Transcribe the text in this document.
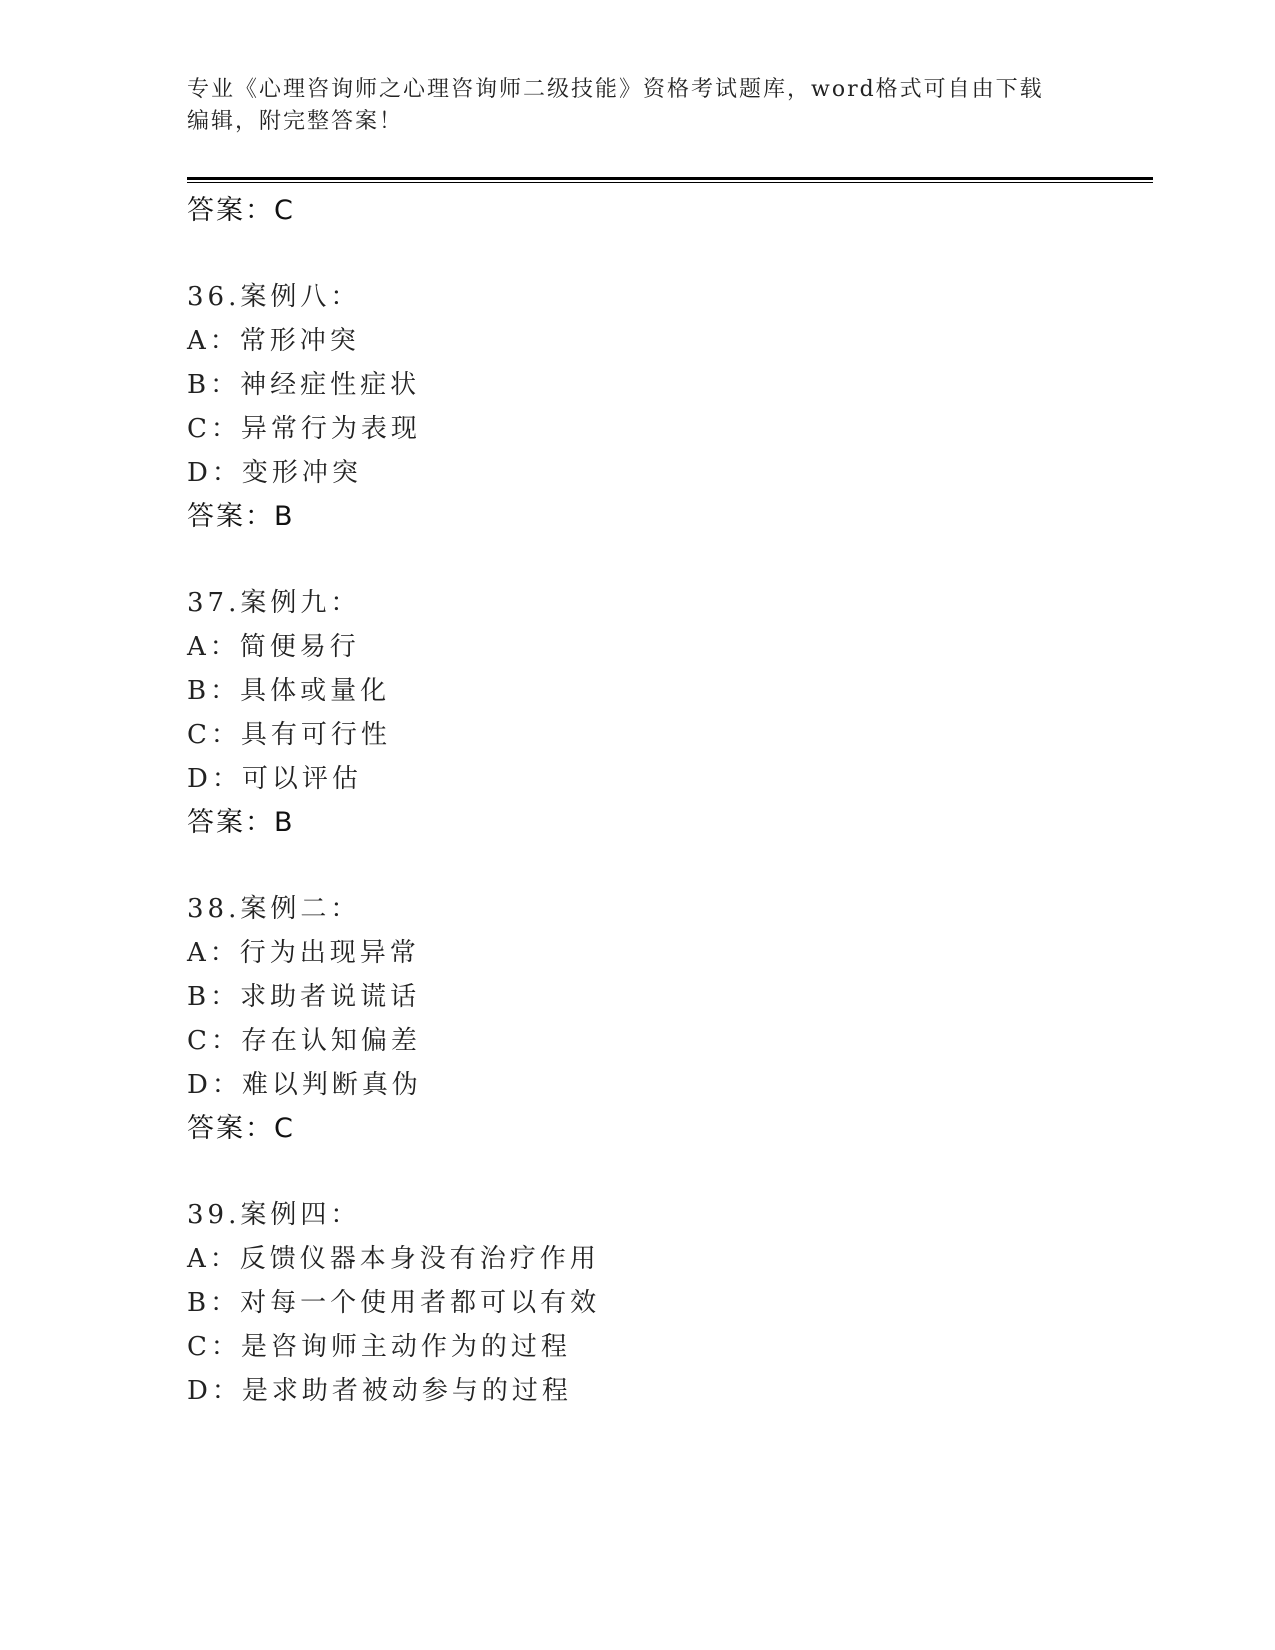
专业《心理咨询师之心理咨询师二级技能》资格考试题库，word格式可自由下载
编辑，附完整答案！
答案：C
36.案例八：
A：常形冲突
B：神经症性症状
C：异常行为表现
D：变形冲突
答案：B
37.案例九：
A：简便易行
B：具体或量化
C：具有可行性
D：可以评估
答案：B
38.案例二：
A：行为出现异常
B：求助者说谎话
C：存在认知偏差
D：难以判断真伪
答案：C
39.案例四：
A：反馈仪器本身没有治疗作用
B：对每一个使用者都可以有效
C：是咨询师主动作为的过程
D：是求助者被动参与的过程
